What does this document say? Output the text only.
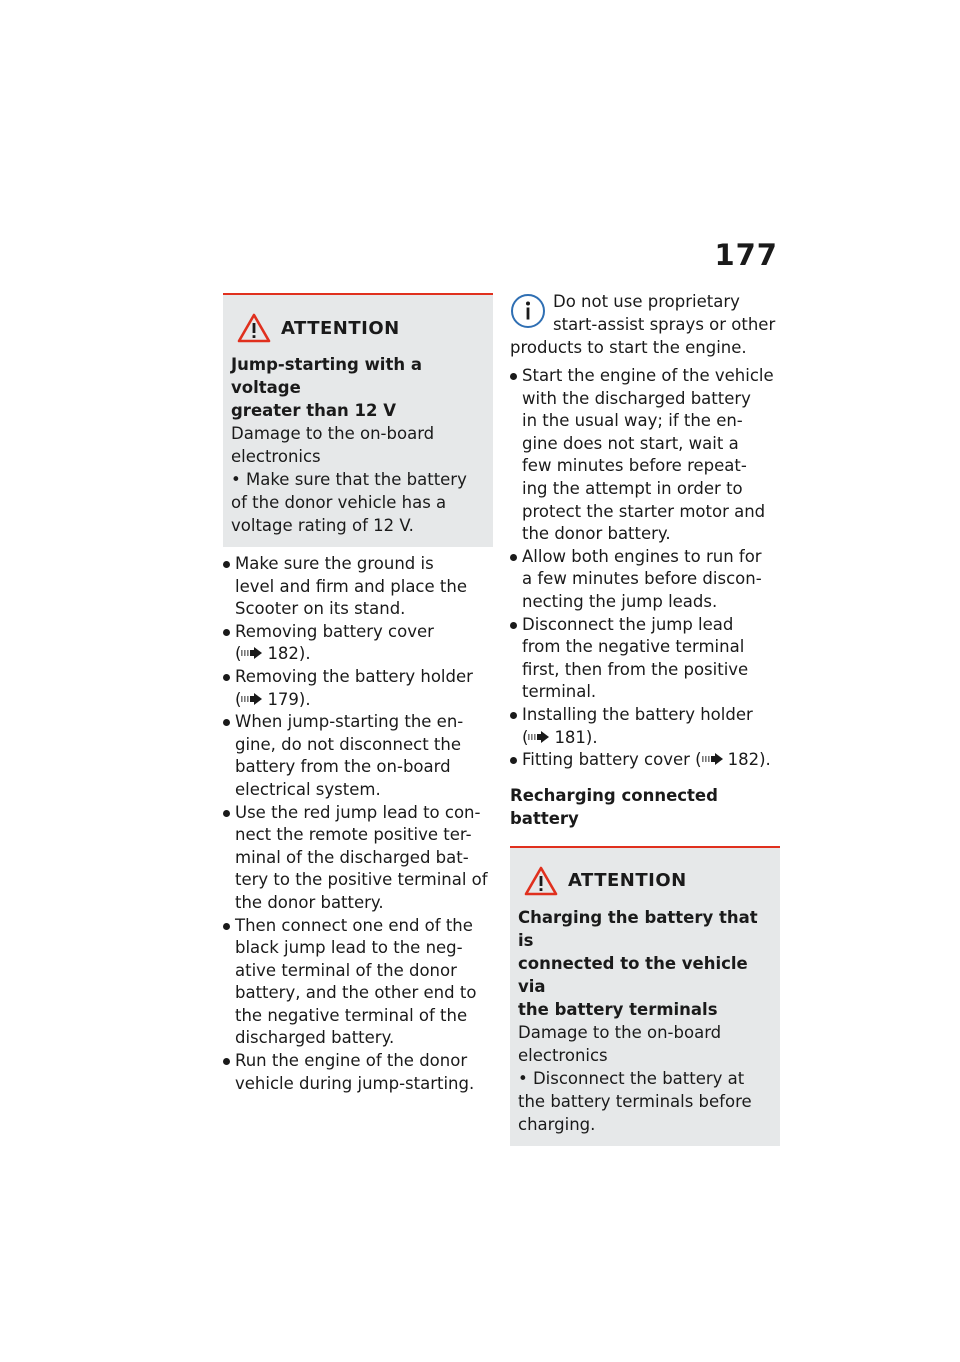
177
ATTENTION
Jump-starting with a voltage
greater than 12 V
Damage to the on-board
electronics
• Make sure that the battery
of the donor vehicle has a
voltage rating of 12 V.
Make sure the ground is
level and firm and place the
Scooter on its stand.
Removing battery cover
( 182).
Removing the battery holder
( 179).
When jump-starting the en-
gine, do not disconnect the
battery from the on-board
electrical system.
Use the red jump lead to con-
nect the remote positive ter-
minal of the discharged bat-
tery to the positive terminal of
the donor battery.
Then connect one end of the
black jump lead to the neg-
ative terminal of the donor
battery, and the other end to
the negative terminal of the
discharged battery.
Run the engine of the donor
vehicle during jump-starting.
Do not use proprietary
start-assist sprays or other
products to start the engine.
Start the engine of the vehicle
with the discharged battery
in the usual way; if the en-
gine does not start, wait a
few minutes before repeat-
ing the attempt in order to
protect the starter motor and
the donor battery.
Allow both engines to run for
a few minutes before discon-
necting the jump leads.
Disconnect the jump lead
from the negative terminal
first, then from the positive
terminal.
Installing the battery holder
( 181).
Fitting battery cover ( 182).
Recharging connected battery
ATTENTION
Charging the battery that is
connected to the vehicle via
the battery terminals
Damage to the on-board
electronics
• Disconnect the battery at
the battery terminals before
charging.
